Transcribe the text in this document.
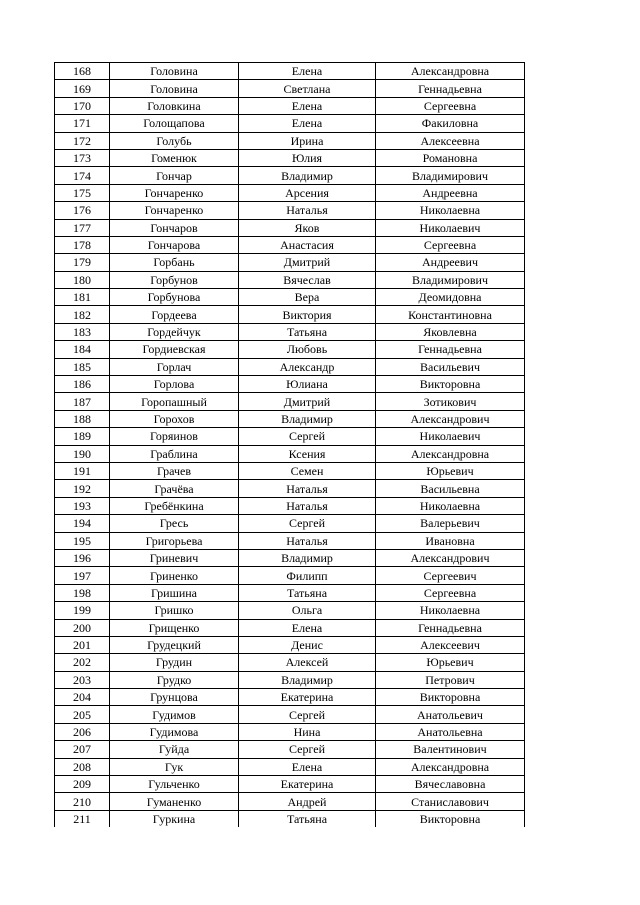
168	Головина	Елена	Александровна
169	Головина	Светлана	Геннадьевна
170	Головкина	Елена	Сергеевна
171	Голощапова	Елена	Факиловна
172	Голубь	Ирина	Алексеевна
173	Гоменюк	Юлия	Романовна
174	Гончар	Владимир	Владимирович
175	Гончаренко	Арсения	Андреевна
176	Гончаренко	Наталья	Николаевна
177	Гончаров	Яков	Николаевич
178	Гончарова	Анастасия	Сергеевна
179	Горбань	Дмитрий	Андреевич
180	Горбунов	Вячеслав	Владимирович
181	Горбунова	Вера	Деомидовна
182	Гордеева	Виктория	Константиновна
183	Гордейчук	Татьяна	Яковлевна
184	Гордиевская	Любовь	Геннадьевна
185	Горлач	Александр	Васильевич
186	Горлова	Юлиана	Викторовна
187	Горопашный	Дмитрий	Зотикович
188	Горохов	Владимир	Александрович
189	Горяинов	Сергей	Николаевич
190	Граблина	Ксения	Александровна
191	Грачев	Семен	Юрьевич
192	Грачёва	Наталья	Васильевна
193	Гребёнкина	Наталья	Николаевна
194	Гресь	Сергей	Валерьевич
195	Григорьева	Наталья	Ивановна
196	Гриневич	Владимир	Александрович
197	Гриненко	Филипп	Сергеевич
198	Гришина	Татьяна	Сергеевна
199	Гришко	Ольга	Николаевна
200	Грищенко	Елена	Геннадьевна
201	Грудецкий	Денис	Алексеевич
202	Грудин	Алексей	Юрьевич
203	Грудко	Владимир	Петрович
204	Грунцова	Екатерина	Викторовна
205	Гудимов	Сергей	Анатольевич
206	Гудимова	Нина	Анатольевна
207	Гуйда	Сергей	Валентинович
208	Гук	Елена	Александровна
209	Гульченко	Екатерина	Вячеславовна
210	Гуманенко	Андрей	Станиславович
211	Гуркина	Татьяна	Викторовна
